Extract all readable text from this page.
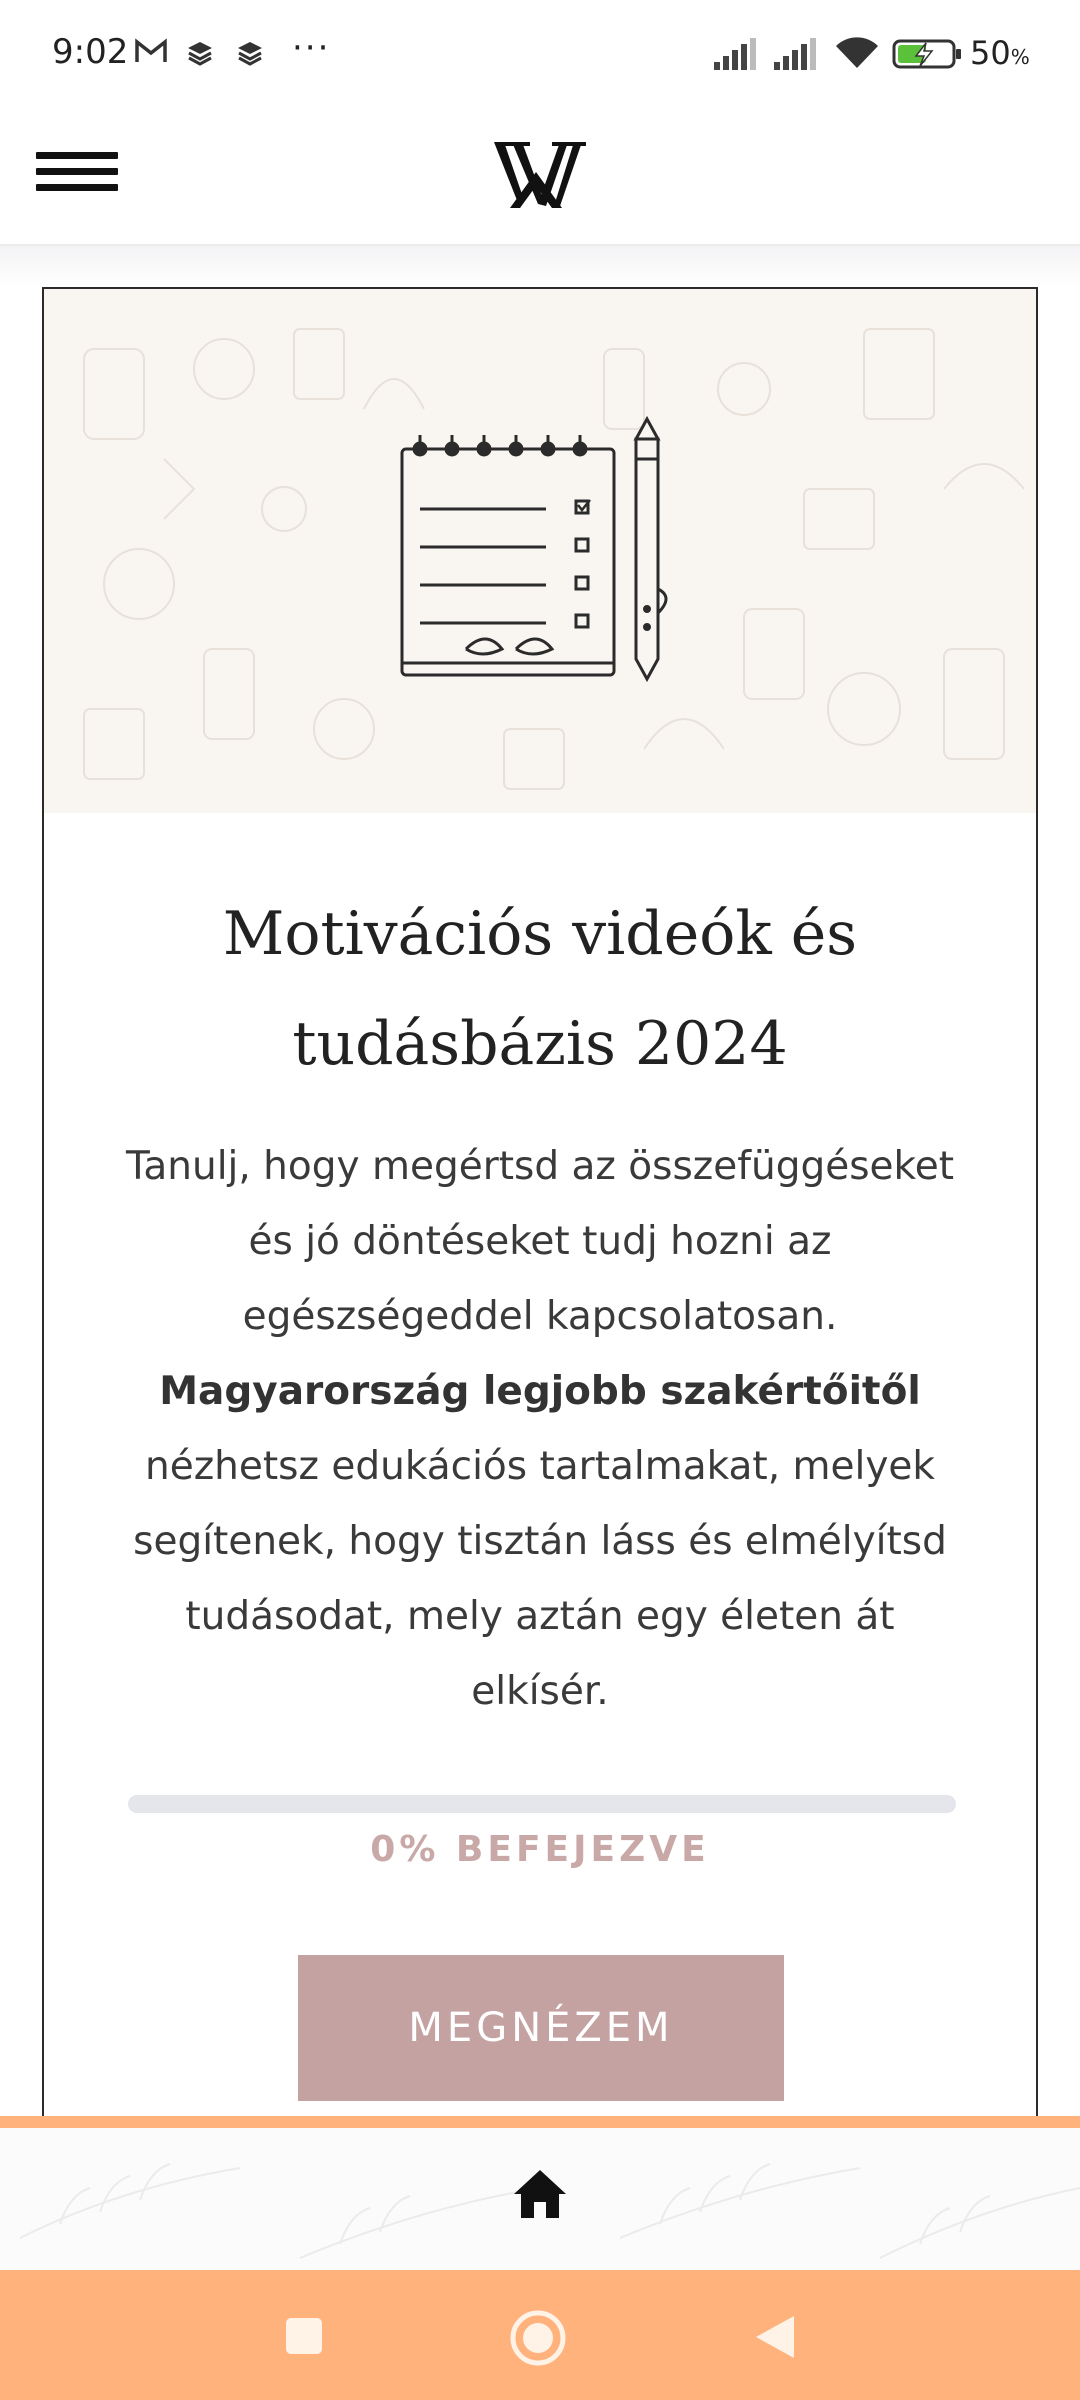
9:02	···	50%
Motivációs videók és tudásbázis 2024

Tanulj, hogy megértsd az összefüggéseket és jó döntéseket tudj hozni az egészségeddel kapcsolatosan. Magyarország legjobb szakértőitől nézhetsz edukációs tartalmakat, melyek segítenek, hogy tisztán láss és elmélyítsd tudásodat, mely aztán egy életen át elkísér.

0% BEFEJEZVE
MEGNÉZEM
